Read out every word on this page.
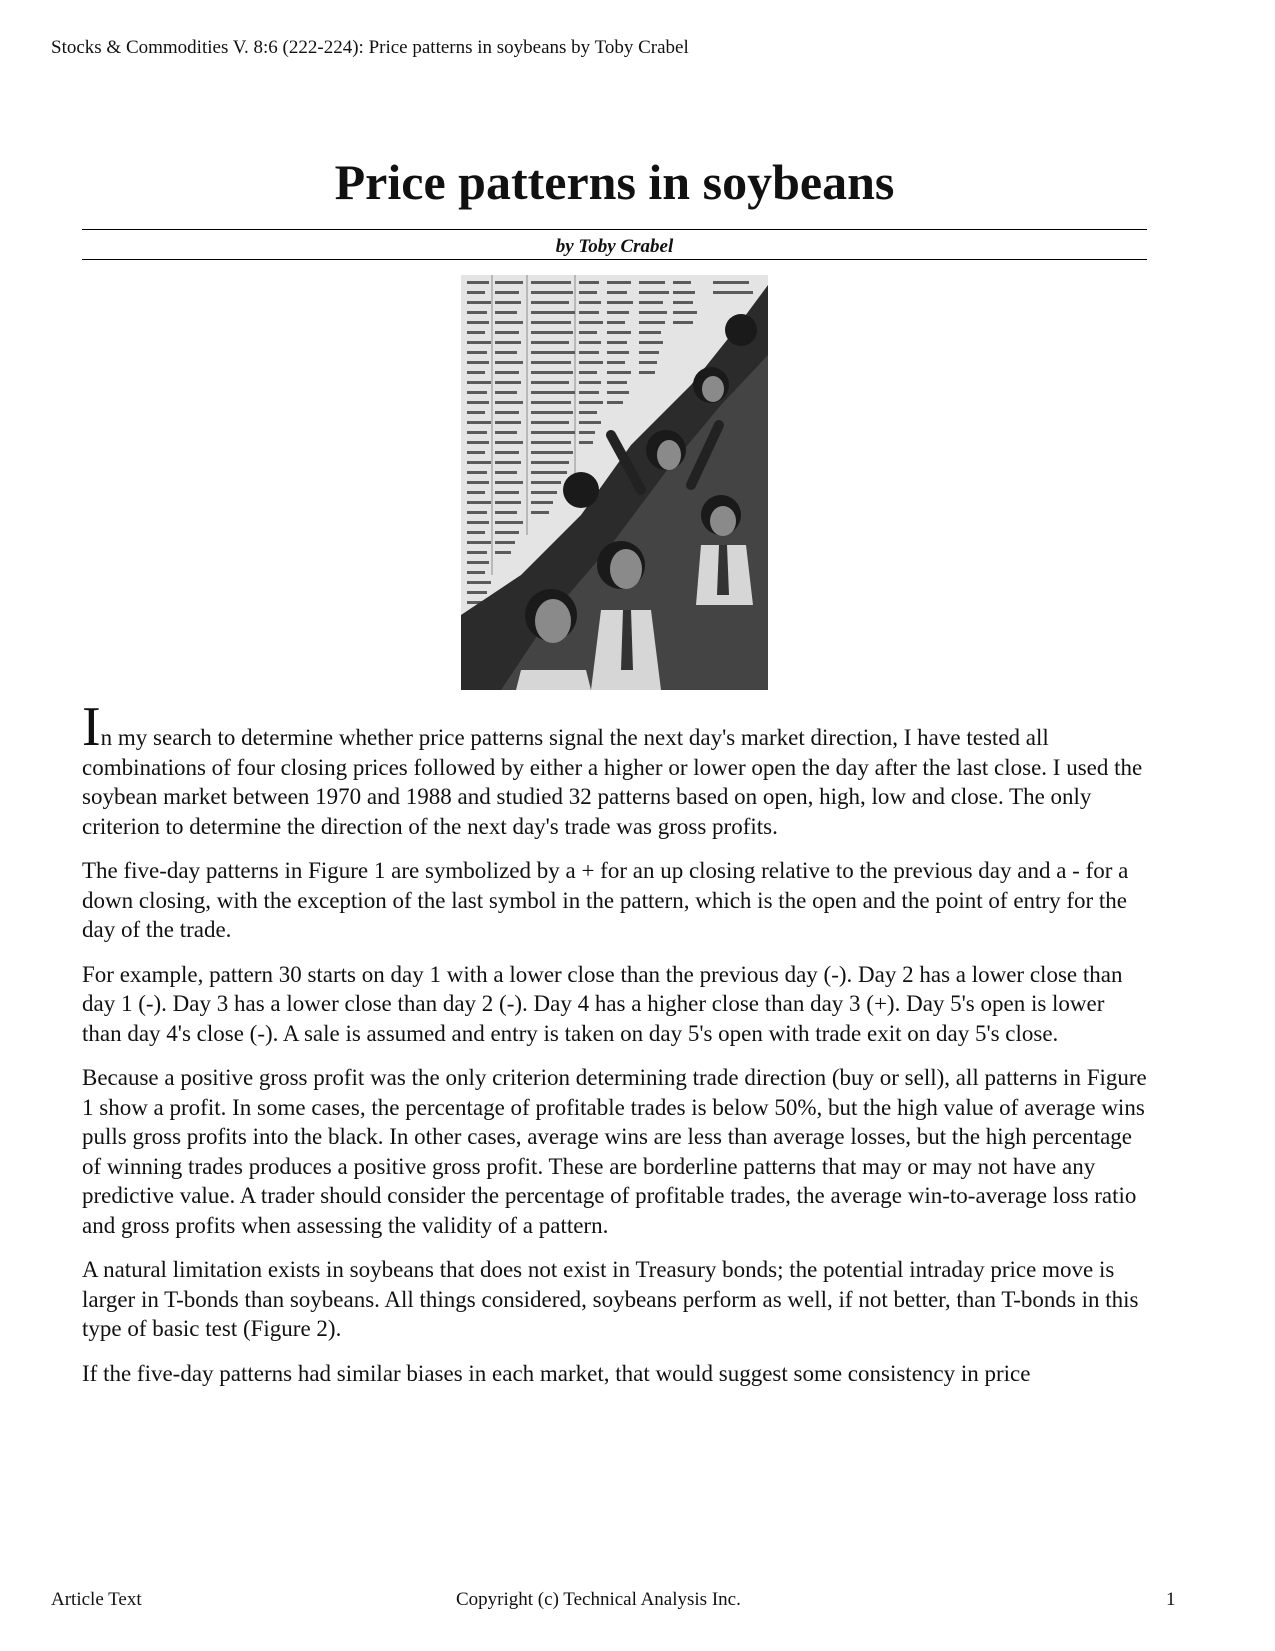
Stocks & Commodities V. 8:6 (222-224): Price patterns in soybeans by Toby Crabel
Price patterns in soybeans
by Toby Crabel

In my search to determine whether price patterns signal the next day's market direction, I have tested all combinations of four closing prices followed by either a higher or lower open the day after the last close. I used the soybean market between 1970 and 1988 and studied 32 patterns based on open, high, low and close. The only criterion to determine the direction of the next day's trade was gross profits.

The five-day patterns in Figure 1 are symbolized by a + for an up closing relative to the previous day and a - for a down closing, with the exception of the last symbol in the pattern, which is the open and the point of entry for the day of the trade.

For example, pattern 30 starts on day 1 with a lower close than the previous day (-). Day 2 has a lower close than day 1 (-). Day 3 has a lower close than day 2 (-). Day 4 has a higher close than day 3 (+). Day 5's open is lower than day 4's close (-). A sale is assumed and entry is taken on day 5's open with trade exit on day 5's close.

Because a positive gross profit was the only criterion determining trade direction (buy or sell), all patterns in Figure 1 show a profit. In some cases, the percentage of profitable trades is below 50%, but the high value of average wins pulls gross profits into the black. In other cases, average wins are less than average losses, but the high percentage of winning trades produces a positive gross profit. These are borderline patterns that may or may not have any predictive value. A trader should consider the percentage of profitable trades, the average win-to-average loss ratio and gross profits when assessing the validity of a pattern.

A natural limitation exists in soybeans that does not exist in Treasury bonds; the potential intraday price move is larger in T-bonds than soybeans. All things considered, soybeans perform as well, if not better, than T-bonds in this type of basic test (Figure 2).

If the five-day patterns had similar biases in each market, that would suggest some consistency in price

Article Text	Copyright (c) Technical Analysis Inc.	1
